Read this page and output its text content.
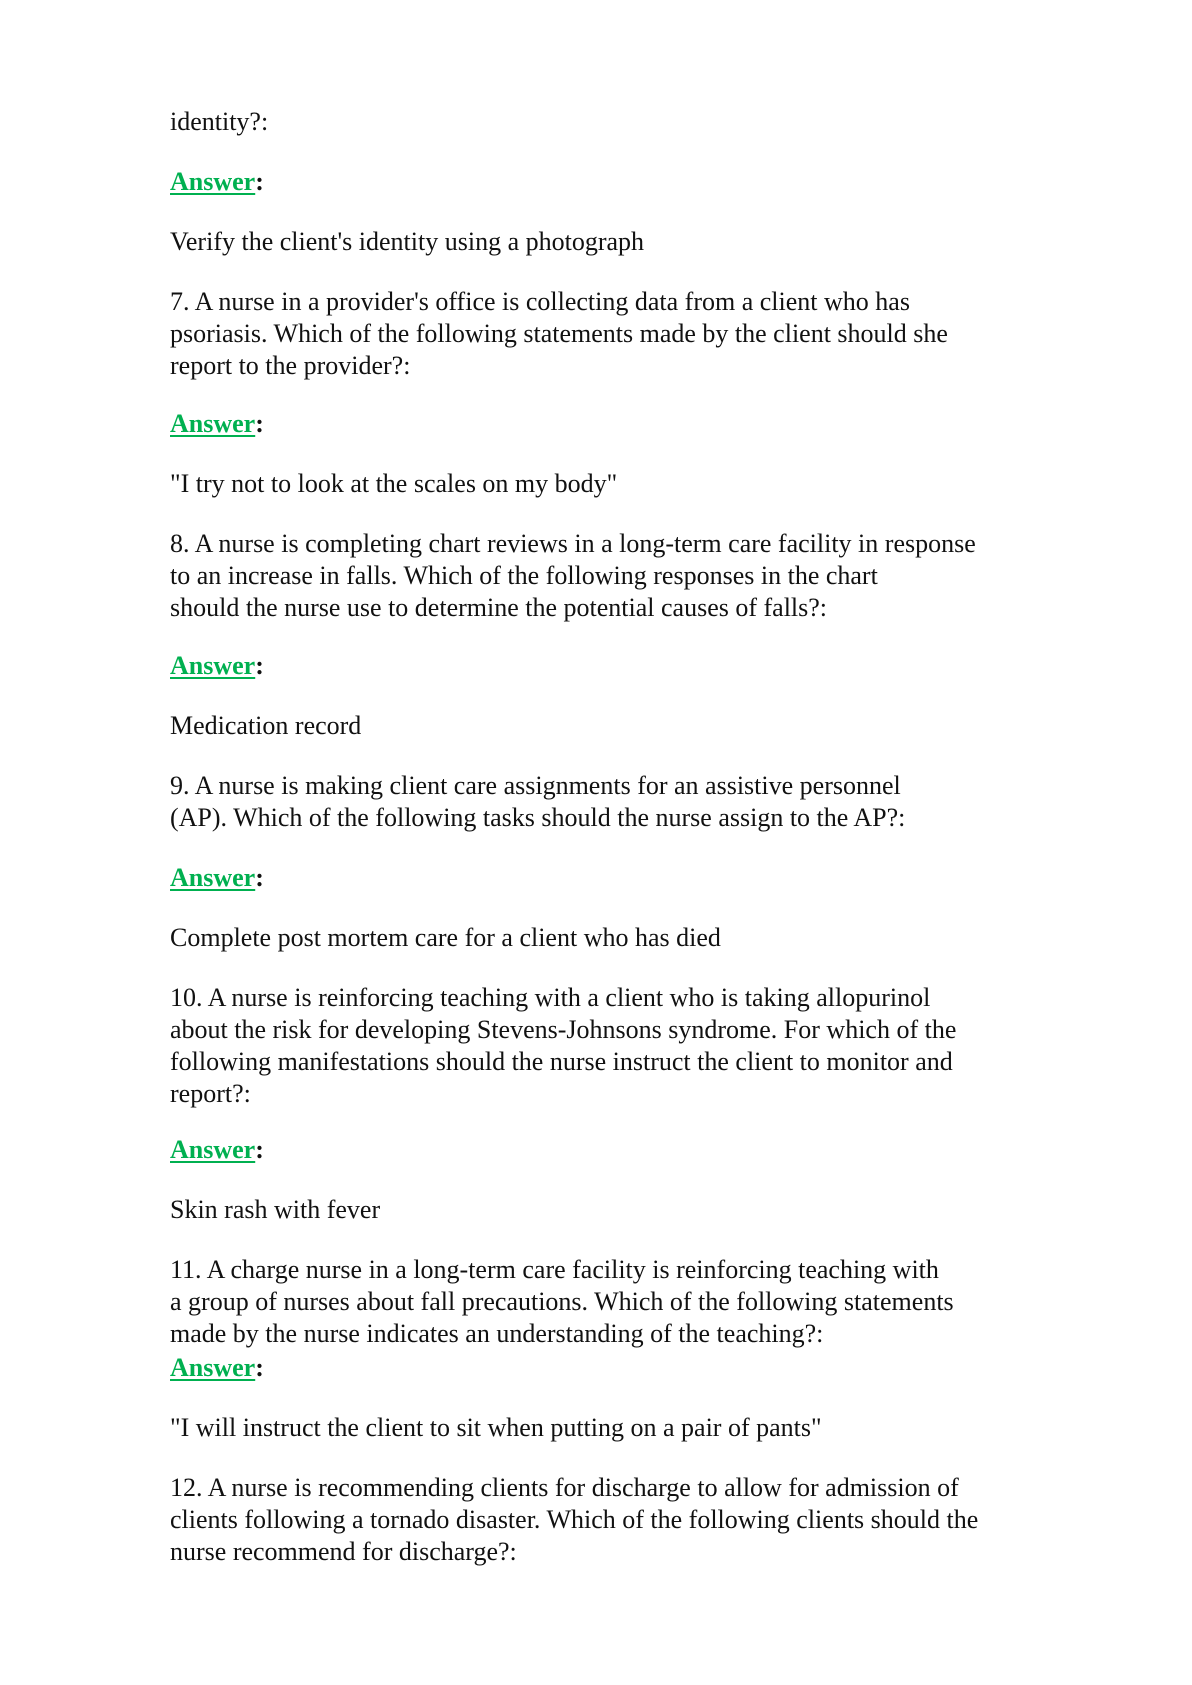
identity?:

Answer:

Verify the client's identity using a photograph

7. A nurse in a provider's office is collecting data from a client who has
psoriasis. Which of the following statements made by the client should she
report to the provider?:

Answer:

"I try not to look at the scales on my body"

8. A nurse is completing chart reviews in a long-term care facility in response
to an increase in falls. Which of the following responses in the chart
should the nurse use to determine the potential causes of falls?:

Answer:

Medication record

9. A nurse is making client care assignments for an assistive personnel
(AP). Which of the following tasks should the nurse assign to the AP?:

Answer:

Complete post mortem care for a client who has died

10. A nurse is reinforcing teaching with a client who is taking allopurinol
about the risk for developing Stevens-Johnsons syndrome. For which of the
following manifestations should the nurse instruct the client to monitor and
report?:

Answer:

Skin rash with fever

11. A charge nurse in a long-term care facility is reinforcing teaching with
a group of nurses about fall precautions. Which of the following statements
made by the nurse indicates an understanding of the teaching?:

Answer:

"I will instruct the client to sit when putting on a pair of pants"

12. A nurse is recommending clients for discharge to allow for admission of
clients following a tornado disaster. Which of the following clients should the
nurse recommend for discharge?:
